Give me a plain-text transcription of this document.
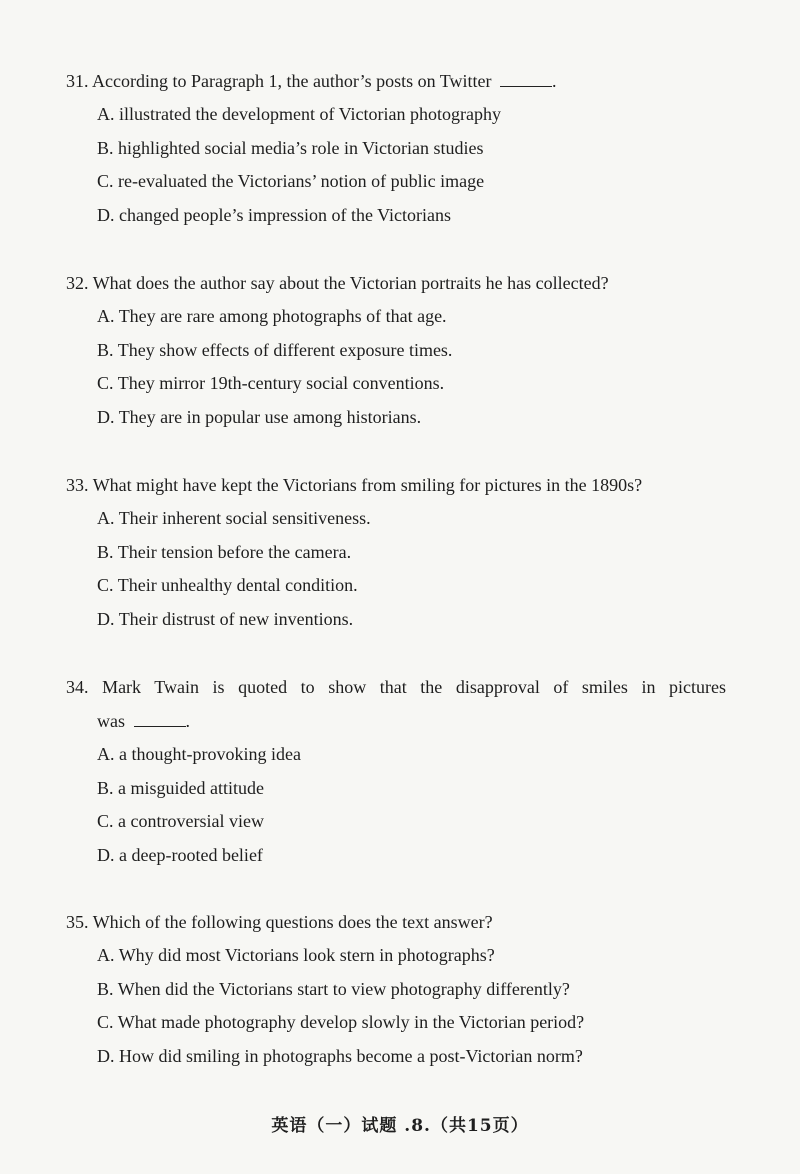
31. According to Paragraph 1, the author’s posts on Twitter	.

A. illustrated the development of Victorian photography
B. highlighted social media’s role in Victorian studies
C. re-evaluated the Victorians’ notion of public image
D. changed people’s impression of the Victorians

32. What does the author say about the Victorian portraits he has collected?

A. They are rare among photographs of that age.
B. They show effects of different exposure times.
C. They mirror 19th-century social conventions.
D. They are in popular use among historians.

33. What might have kept the Victorians from smiling for pictures in the 1890s?

A. Their inherent social sensitiveness.
B. Their tension before the camera.
C. Their unhealthy dental condition.
D. Their distrust of new inventions.

34. Mark Twain is quoted to show that the disapproval of smiles in pictures

was	.

A. a thought-provoking idea
B. a misguided attitude
C. a controversial view
D. a deep-rooted belief

35. Which of the following questions does the text answer?

A. Why did most Victorians look stern in photographs?
B. When did the Victorians start to view photography differently?
C. What made photography develop slowly in the Victorian period?
D. How did smiling in photographs become a post-Victorian norm?
英语（一）试题 .8.（共15页）
